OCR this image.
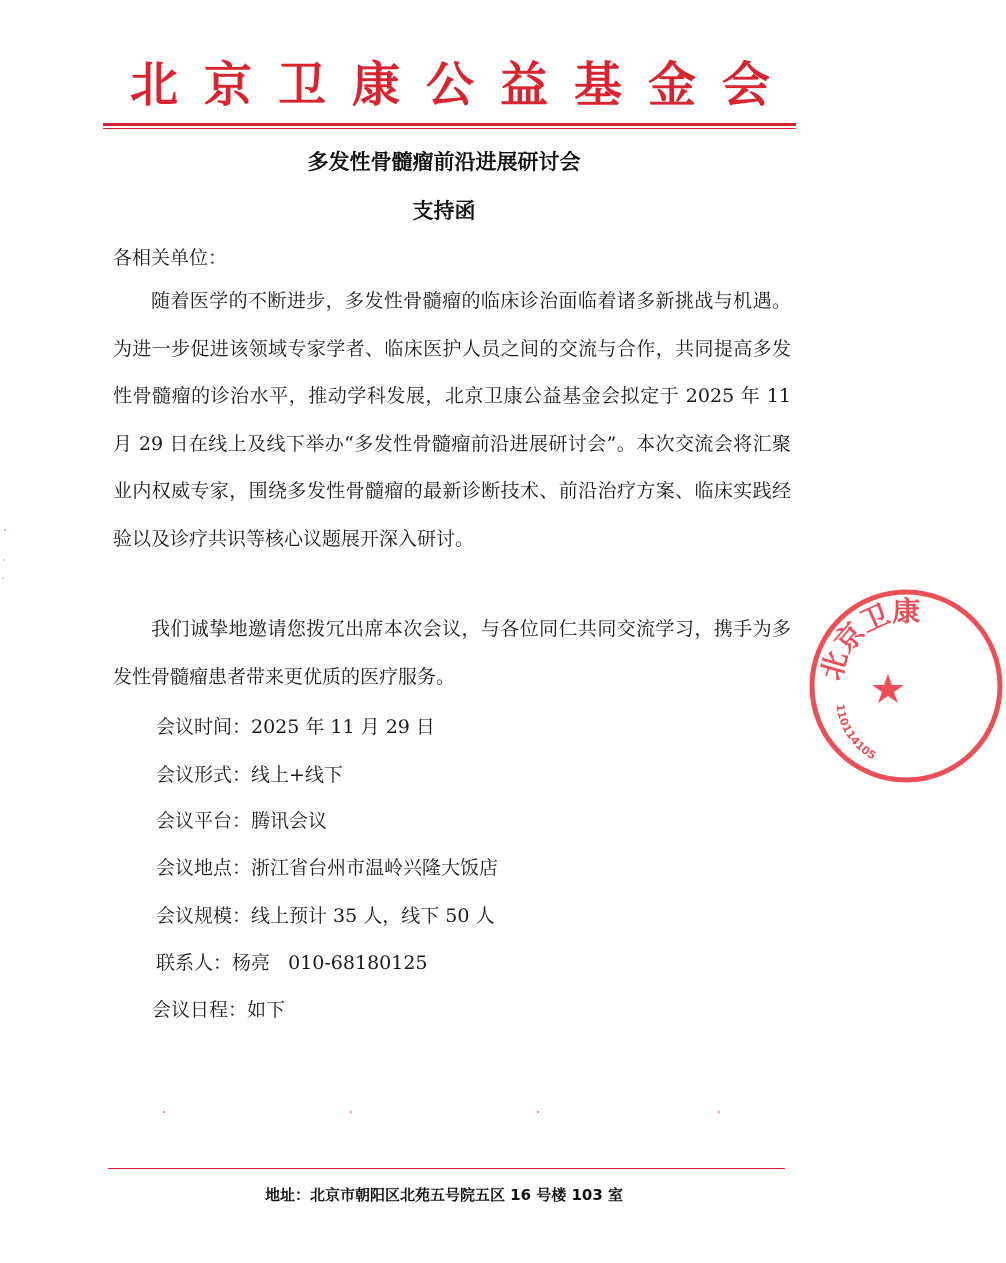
北京卫康公益基金会
多发性骨髓瘤前沿进展研讨会
支持函
各相关单位：

随着医学的不断进步，多发性骨髓瘤的临床诊治面临着诸多新挑战与机遇。为进一步促进该领域专家学者、临床医护人员之间的交流与合作，共同提高多发性骨髓瘤的诊治水平，推动学科发展，北京卫康公益基金会拟定于 2025 年 11 月 29 日在线上及线下举办“多发性骨髓瘤前沿进展研讨会”。本次交流会将汇聚业内权威专家，围绕多发性骨髓瘤的最新诊断技术、前沿治疗方案、临床实践经验以及诊疗共识等核心议题展开深入研讨。

我们诚挚地邀请您拨冗出席本次会议，与各位同仁共同交流学习，携手为多发性骨髓瘤患者带来更优质的医疗服务。

会议时间：2025 年 11 月 29 日
会议形式：线上+线下
会议平台：腾讯会议
会议地点：浙江省台州市温岭兴隆大饭店
会议规模：线上预计 35 人，线下 50 人
联系人：杨亮   010-68180125
会议日程：如下
北京卫康
110114105
地址：北京市朝阳区北苑五号院五区 16 号楼 103 室
